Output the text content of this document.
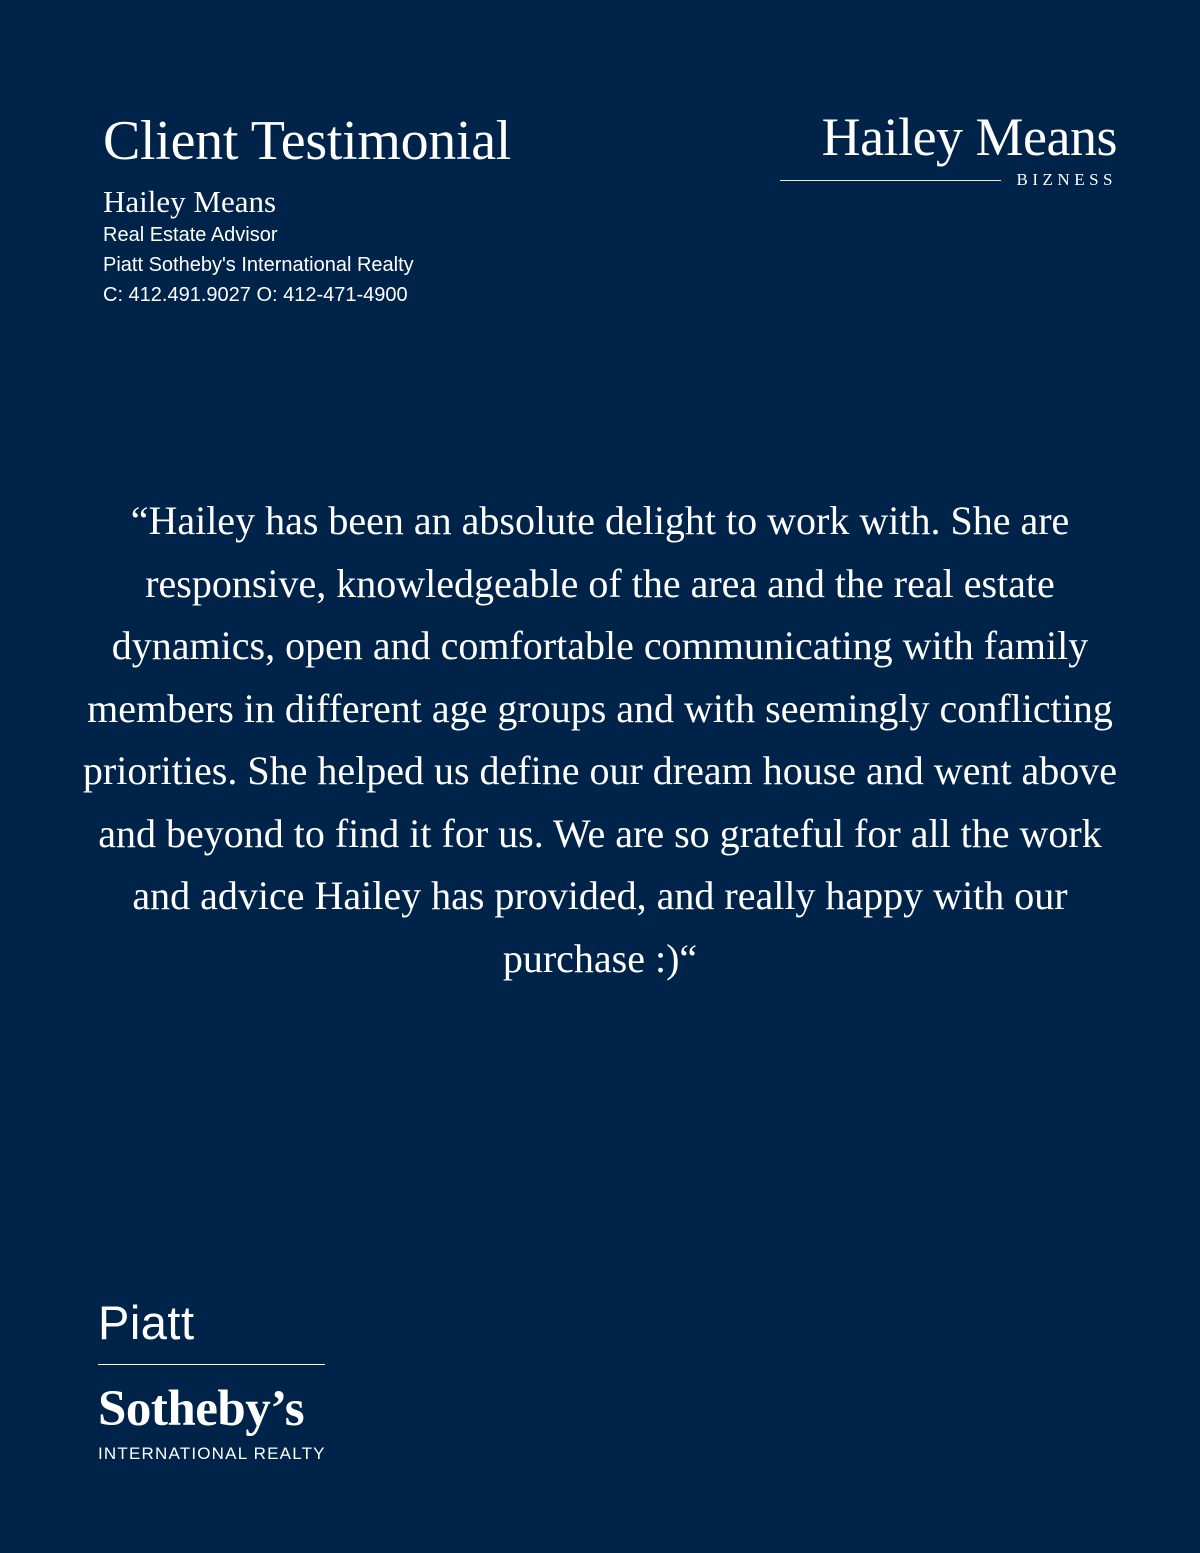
Client Testimonial
Hailey Means
Real Estate Advisor
Piatt Sotheby's International Realty
C: 412.491.9027 O: 412-471-4900
Hailey Means
BIZNESS
“Hailey has been an absolute delight to work with. She are responsive, knowledgeable of the area and the real estate dynamics, open and comfortable communicating with family members in different age groups and with seemingly conflicting priorities. She helped us define our dream house and went above and beyond to find it for us. We are so grateful for all the work and advice Hailey has provided, and really happy with our purchase :)“
Piatt
Sotheby’s
INTERNATIONAL REALTY
